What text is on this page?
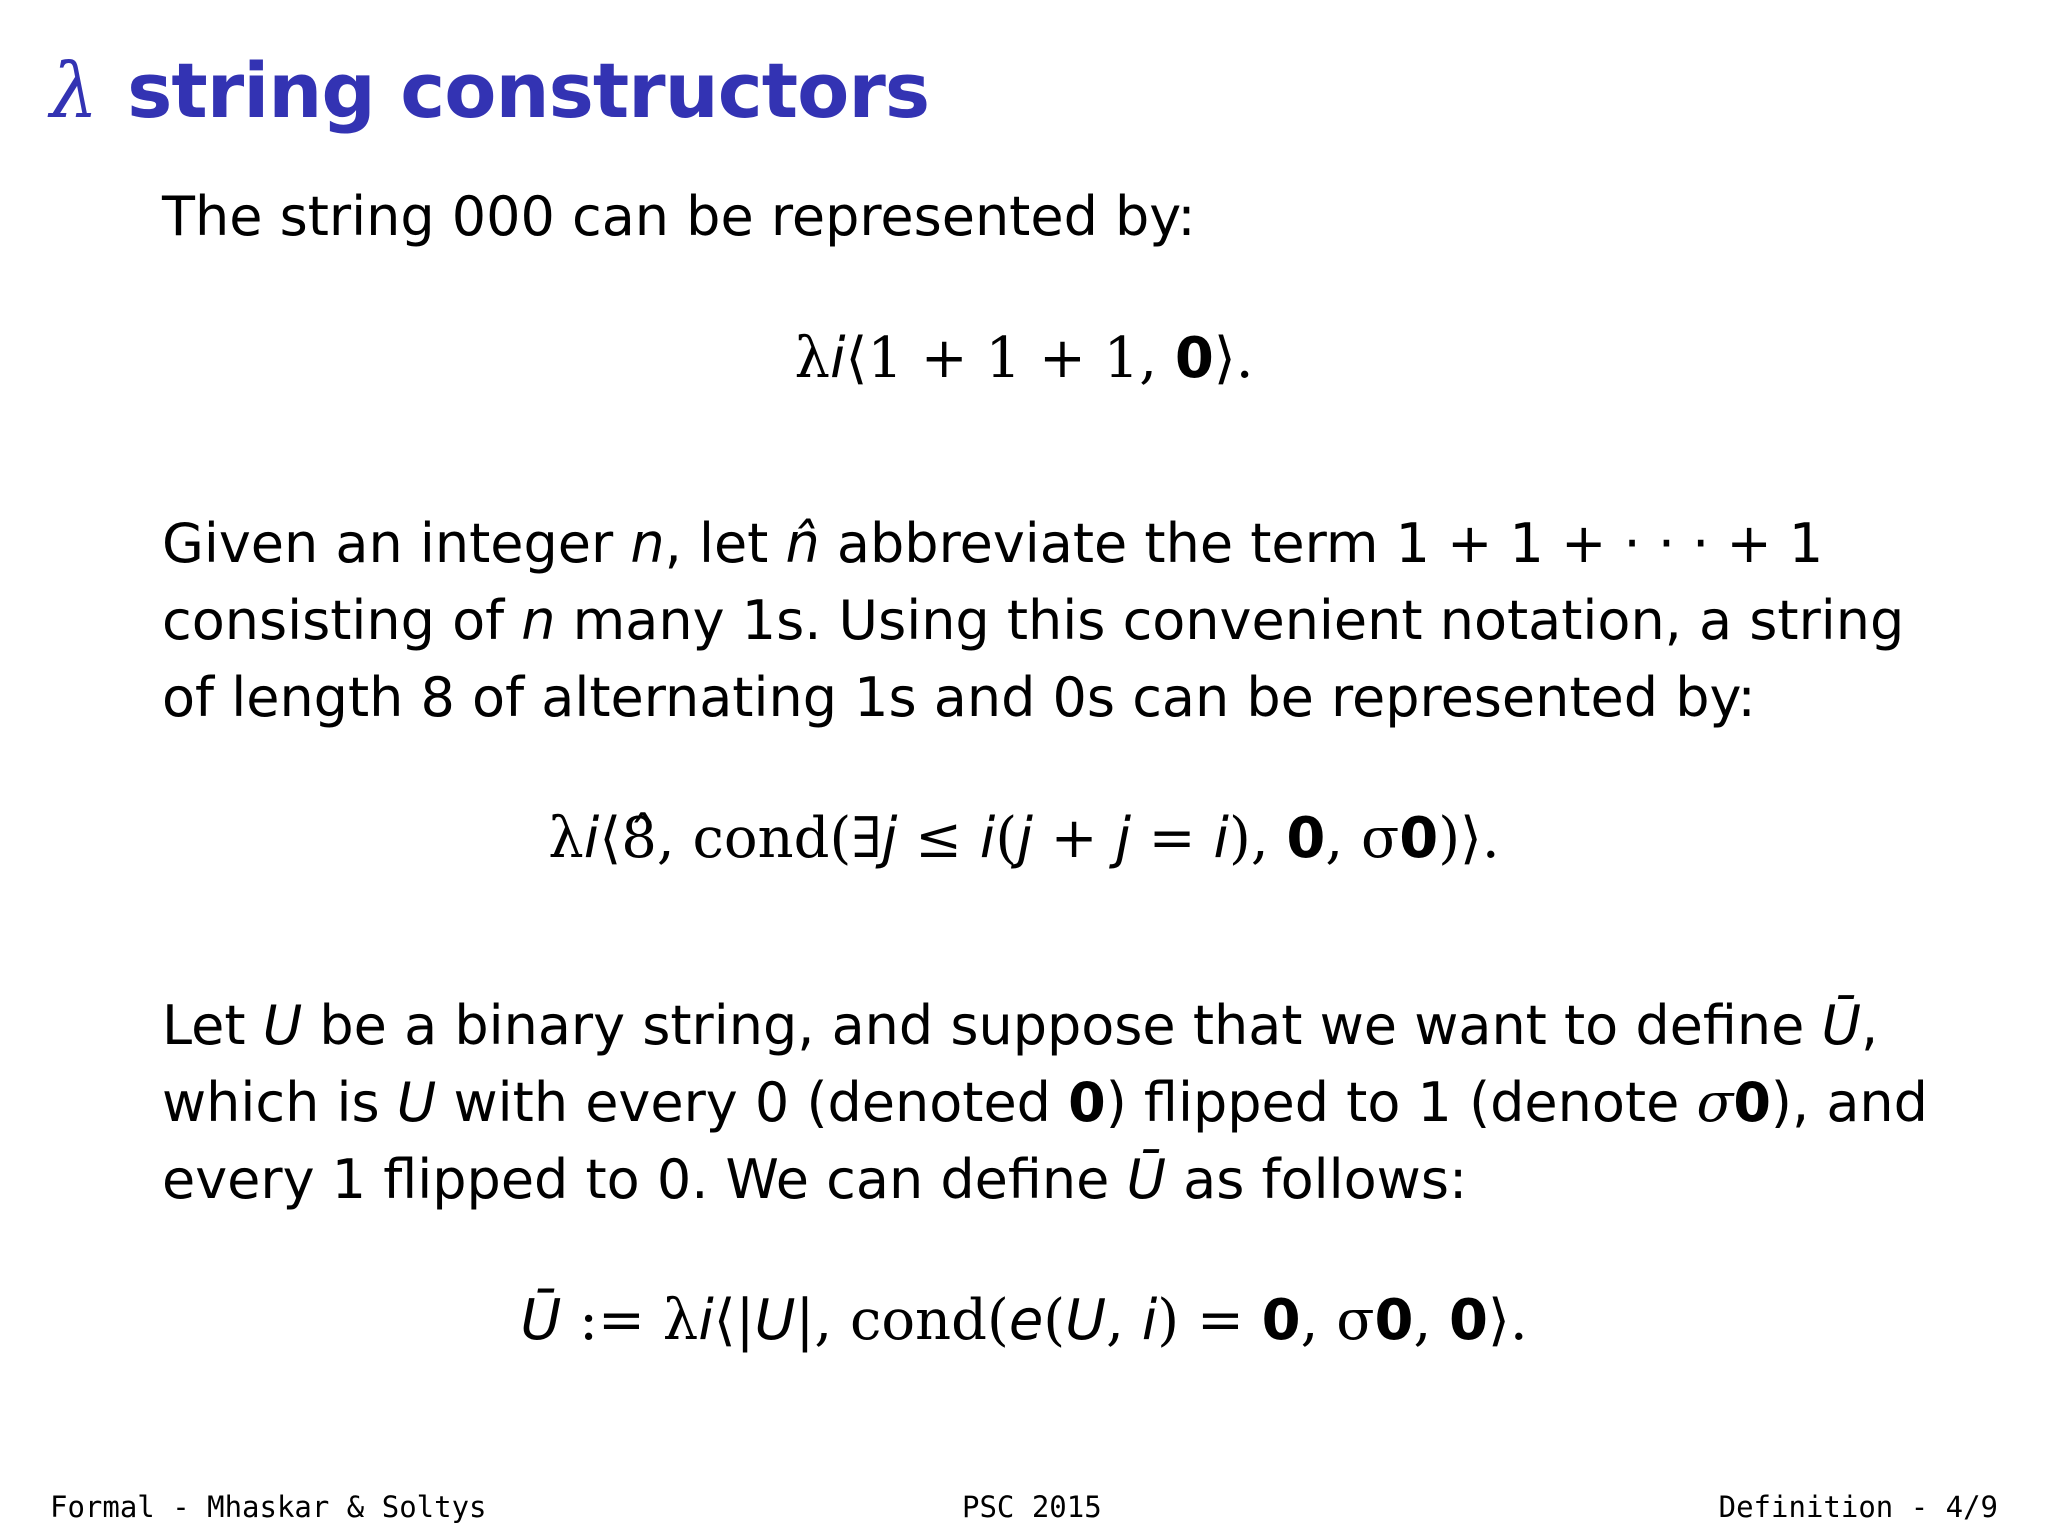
λ string constructors

The string 000 can be represented by:

λi⟨1 + 1 + 1, 0⟩.

Given an integer n, let n̂ abbreviate the term 1 + 1 + · · · + 1

consisting of n many 1s. Using this convenient notation, a string

of length 8 of alternating 1s and 0s can be represented by:

λi⟨8̂, cond(∃j ≤ i(j + j = i), 0, σ0)⟩.

Let U be a binary string, and suppose that we want to define Ū,

which is U with every 0 (denoted 0) flipped to 1 (denote σ0), and

every 1 flipped to 0. We can define Ū as follows:

Ū := λi⟨|U|, cond(e(U, i) = 0, σ0, 0⟩.
Formal - Mhaskar & Soltys	PSC 2015	Definition - 4/9
